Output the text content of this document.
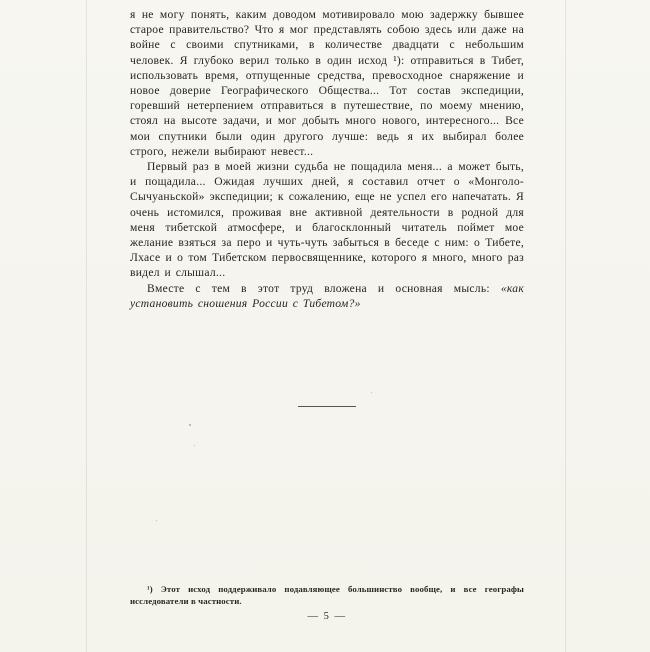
я не могу понять, каким доводом мотивировало мою задержку бывшее старое правительство? Что я мог представлять собою здесь или даже на войне с своими спутниками, в количестве двадцати с небольшим человек. Я глубоко верил только в один исход ¹): отправиться в Тибет, использовать время, отпущенные средства, превосходное снаряжение и новое доверие Географического Общества... Тот состав экспедиции, горевший нетерпением отправиться в путешествие, по моему мнению, стоял на высоте задачи, и мог добыть много нового, интересного... Все мои спутники были один другого лучше: ведь я их выбирал более строго, нежели выбирают невест...

Первый раз в моей жизни судьба не пощадила меня... а может быть, и пощадила... Ожидая лучших дней, я составил отчет о «Монголо-Сычуаньской» экспедиции; к сожалению, еще не успел его напечатать. Я очень истомился, проживая вне активной деятельности в родной для меня тибетской атмосфере, и благосклонный читатель поймет мое желание взяться за перо и чуть-чуть забыться в беседе с ним: о Тибете, Лхасе и о том Тибетском первосвященнике, которого я много, много раз видел и слышал...

Вместе с тем в этот труд вложена и основная мысль: «как установить сношения России с Тибетом?»

¹) Этот исход поддерживало подавляющее большинство вообще, и все географы исследователи в частности.

— 5 —
